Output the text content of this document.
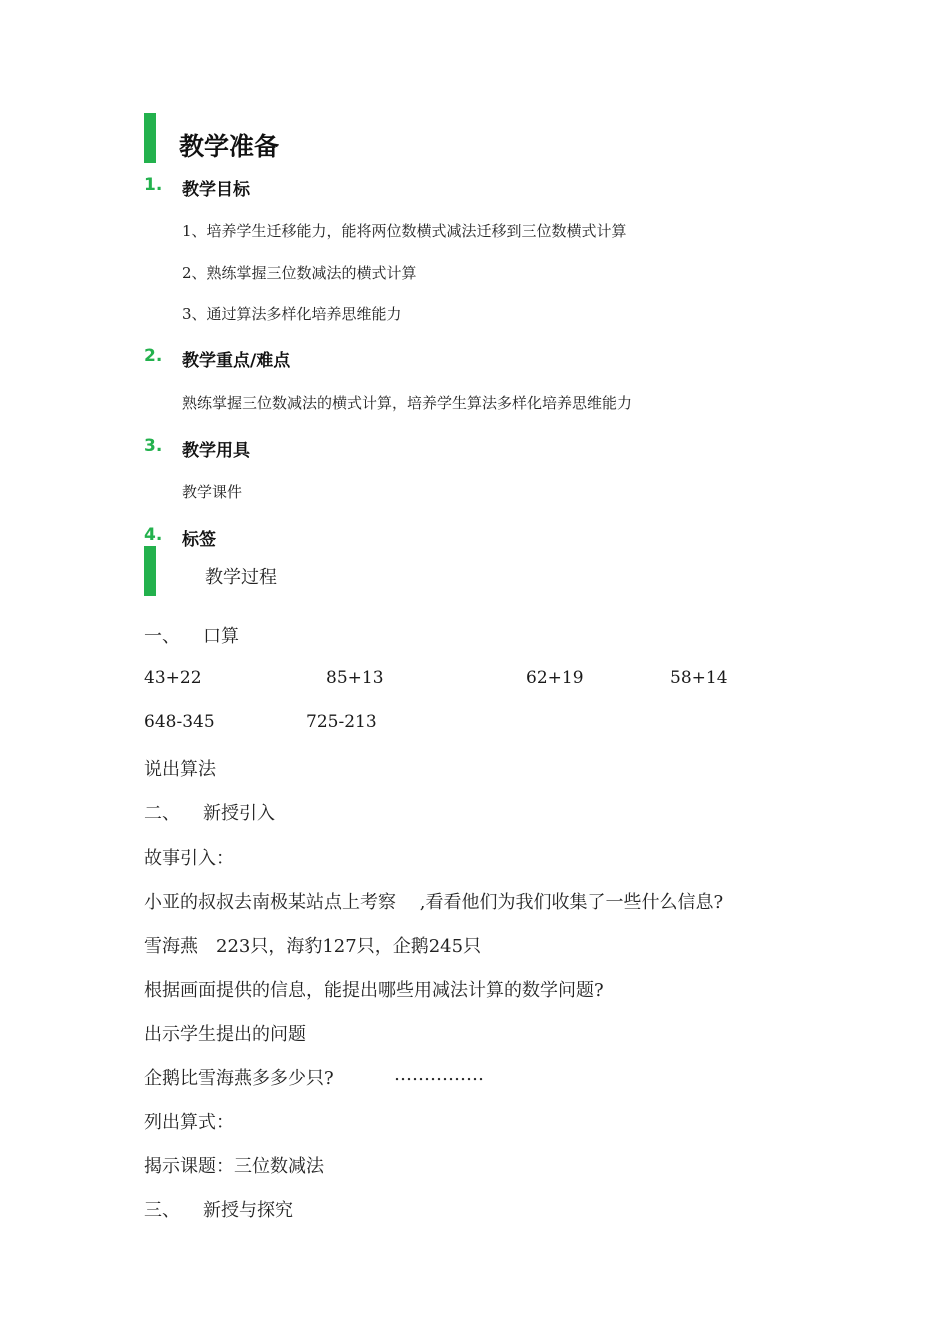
教学准备
1. 教学目标
1、培养学生迁移能力，能将两位数横式减法迁移到三位数横式计算
2、熟练掌握三位数减法的横式计算
3、通过算法多样化培养思维能力
2. 教学重点/难点
熟练掌握三位数减法的横式计算，培养学生算法多样化培养思维能力
3. 教学用具
教学课件
4. 标签
教学过程
一、 口算
43+22	85+13	62+19	58+14
648-345	725-213
说出算法
二、 新授引入
故事引入：
小亚的叔叔去南极某站点上考察　 ,看看他们为我们收集了一些什么信息?
雪海燕　223只，海豹127只，企鹅245只
根据画面提供的信息，能提出哪些用减法计算的数学问题?
出示学生提出的问题
企鹅比雪海燕多多少只?	……………
列出算式：
揭示课题：三位数减法
三、 新授与探究
